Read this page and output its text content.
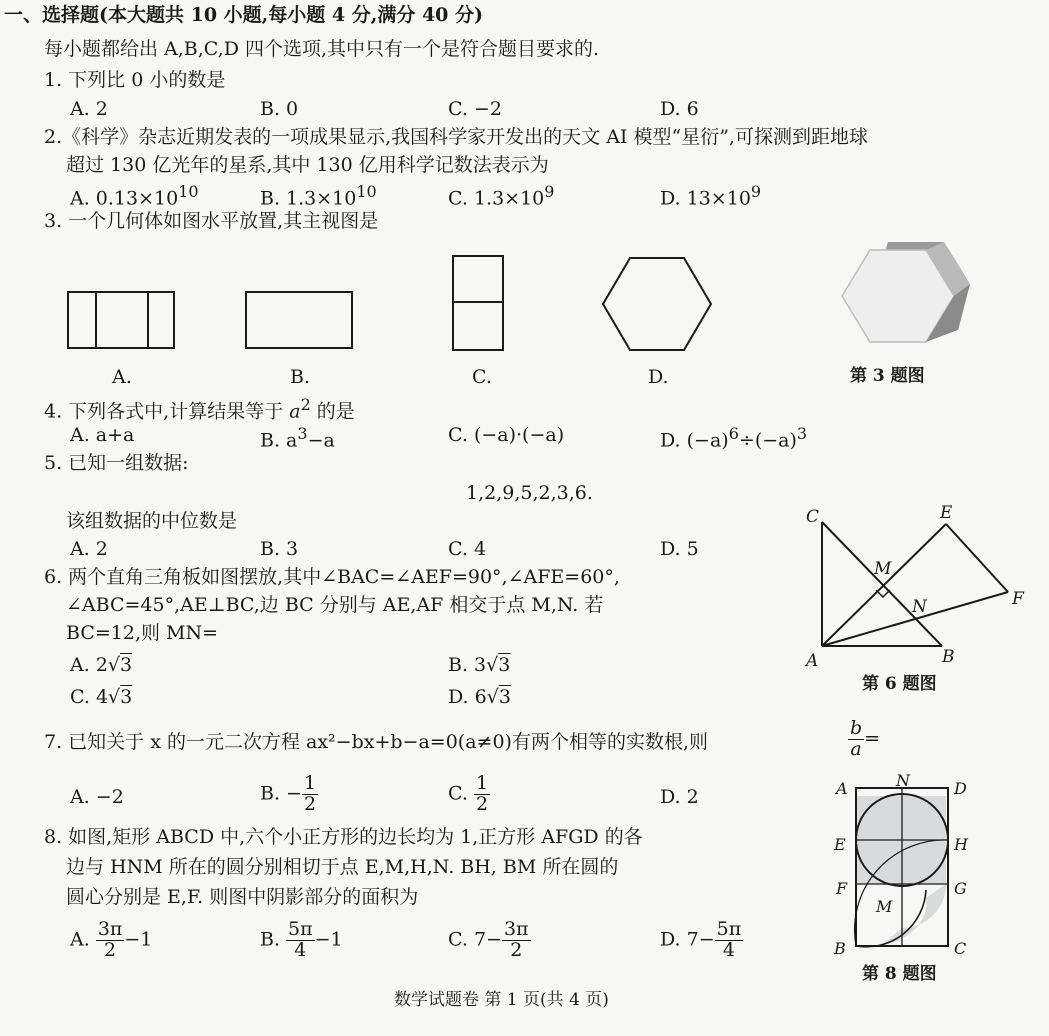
一、选择题(本大题共 10 小题,每小题 4 分,满分 40 分)
每小题都给出 A,B,C,D 四个选项,其中只有一个是符合题目要求的.
1. 下列比 0 小的数是
A. 2	B. 0	C. −2	D. 6
2.《科学》杂志近期发表的一项成果显示,我国科学家开发出的天文 AI 模型“星衍”,可探测到距地球
超过 130 亿光年的星系,其中 130 亿用科学记数法表示为
A. $0.13\times 10^{10}$	B. $1.3\times 10^{10}$	C. $1.3\times 10^9$	D. $13\times 10^9$
3. 一个几何体如图水平放置,其主视图是
A.	B.	C.	D.	第 3 题图
4. 下列各式中,计算结果等于 $a^2$ 的是
A. a+a	B. $a^3-a$	C. (−a)·(−a)	D. $(-a)^6\div(-a)^3$
5. 已知一组数据:
1,2,9,5,2,3,6.
该组数据的中位数是
A. 2	B. 3	C. 4	D. 5
6. 两个直角三角板如图摆放,其中∠BAC=∠AEF=90°,∠AFE=60°,
∠ABC=45°,AE⊥BC,边 BC 分别与 AE,AF 相交于点 M,N. 若
BC=12,则 MN=
A. 2√3	B. 3√3
C. 4√3	D. 6√3
C	E
M
N	F
A	B
第 6 题图
7. 已知关于 x 的一元二次方程 ax²−bx+b−a=0(a≠0)有两个相等的实数根,则	$\frac{b}{a}$ =
A. −2	B. − $\frac{1}{2}$	C. $\frac{1}{2}$	D. 2
8. 如图,矩形 ABCD 中,六个小正方形的边长均为 1,正方形 AFGD 的各
边与 HNM 所在的圆分别相切于点 E,M,H,N. BH, BM 所在圆的
圆心分别是 E,F. 则图中阴影部分的面积为
A. $\frac{3\pi}{2} -1$	B. $\frac{5\pi}{4} -1$	C. $7- \frac{3\pi}{2}$	D. $7- \frac{5\pi}{4}$
A	N	D
E	H
F	G
M
B	C
第 8 题图
数学试题卷 第 1 页(共 4 页)
